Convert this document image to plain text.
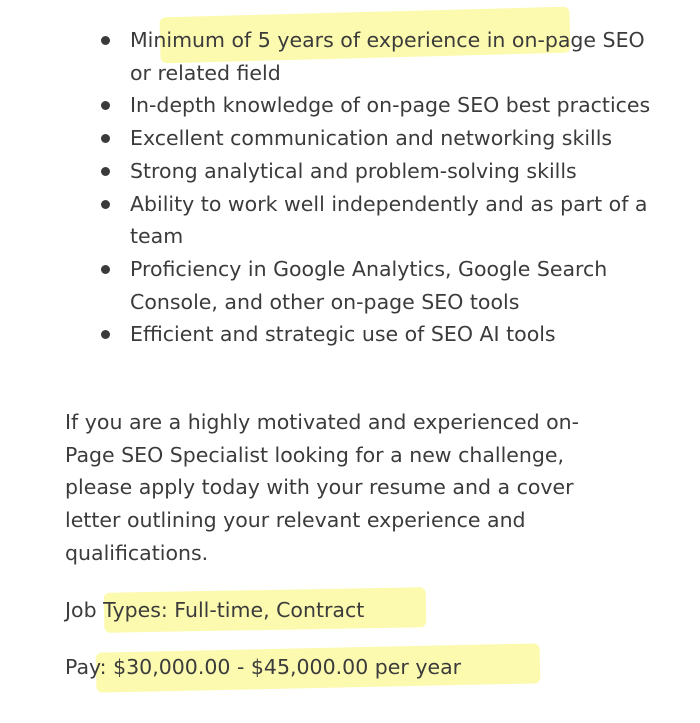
Minimum of 5 years of experience in on-page SEO or related field
In-depth knowledge of on-page SEO best practices
Excellent communication and networking skills
Strong analytical and problem-solving skills
Ability to work well independently and as part of a team
Proficiency in Google Analytics, Google Search Console, and other on-page SEO tools
Efficient and strategic use of SEO AI tools

If you are a highly motivated and experienced on-Page SEO Specialist looking for a new challenge, please apply today with your resume and a cover letter outlining your relevant experience and qualifications.

Job Types: Full-time, Contract

Pay: $30,000.00 - $45,000.00 per year
